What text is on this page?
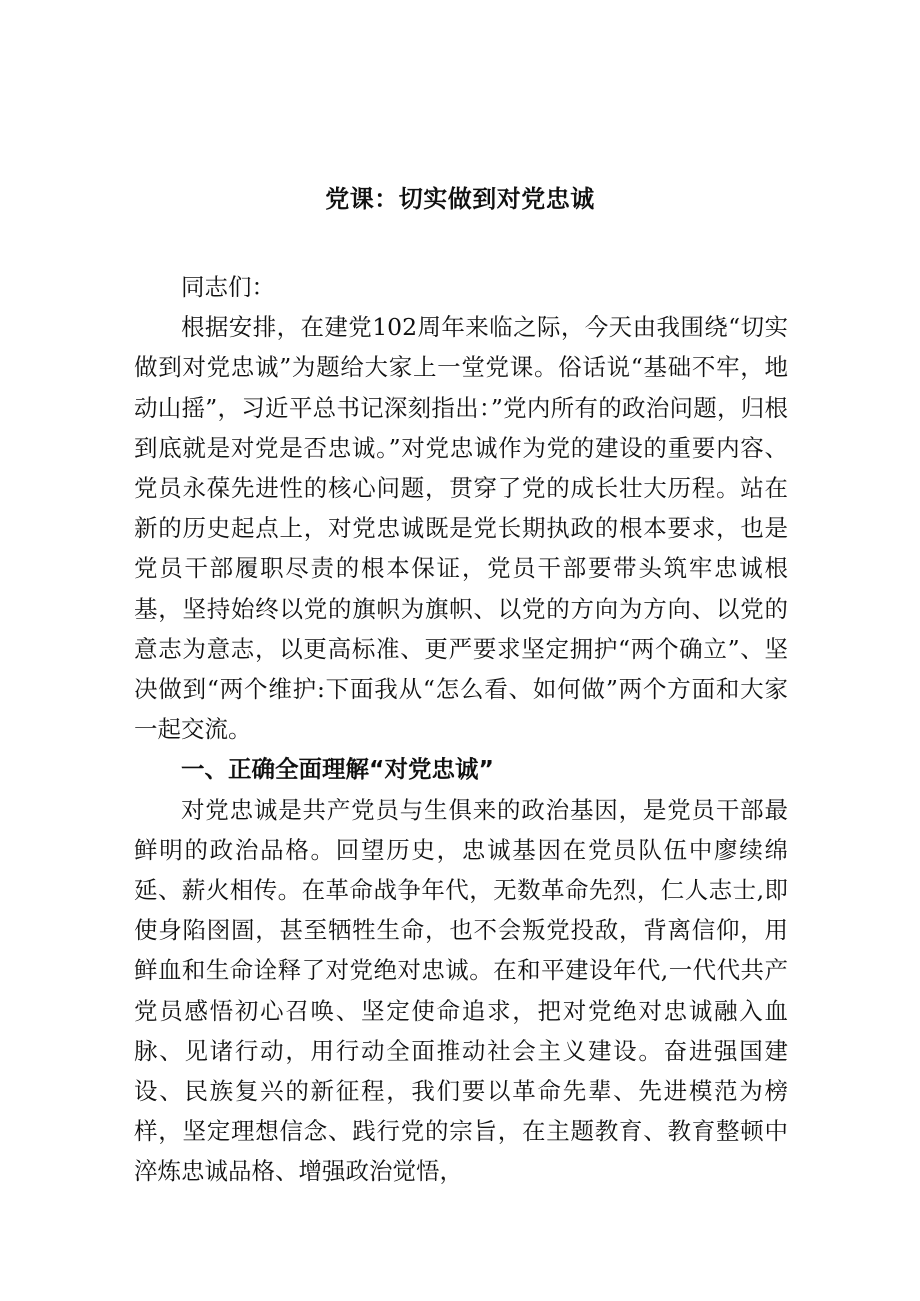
党课：切实做到对党忠诚

同志们：

根据安排，在建党102周年来临之际，今天由我围绕“切实做到对党忠诚”为题给大家上一堂党课。俗话说“基础不牢，地动山摇”，习近平总书记深刻指出：”党内所有的政治问题，归根到底就是对党是否忠诚。”对党忠诚作为党的建设的重要内容、党员永葆先进性的核心问题，贯穿了党的成长壮大历程。站在新的历史起点上，对党忠诚既是党长期执政的根本要求，也是党员干部履职尽责的根本保证，党员干部要带头筑牢忠诚根基，坚持始终以党的旗帜为旗帜、以党的方向为方向、以党的意志为意志，以更高标准、更严要求坚定拥护“两个确立”、坚决做到“两个维护:下面我从“怎么看、如何做”两个方面和大家一起交流。

一、正确全面理解“对党忠诚”

对党忠诚是共产党员与生俱来的政治基因，是党员干部最鲜明的政治品格。回望历史，忠诚基因在党员队伍中廖续绵延、薪火相传。在革命战争年代，无数革命先烈，仁人志士,即使身陷囹圄，甚至牺牲生命，也不会叛党投敌，背离信仰，用鲜血和生命诠释了对党绝对忠诚。在和平建设年代,一代代共产党员感悟初心召唤、坚定使命追求，把对党绝对忠诚融入血脉、见诸行动，用行动全面推动社会主义建设。奋进强国建设、民族复兴的新征程，我们要以革命先辈、先进模范为榜样，坚定理想信念、践行党的宗旨，在主题教育、教育整顿中淬炼忠诚品格、增强政治觉悟，
